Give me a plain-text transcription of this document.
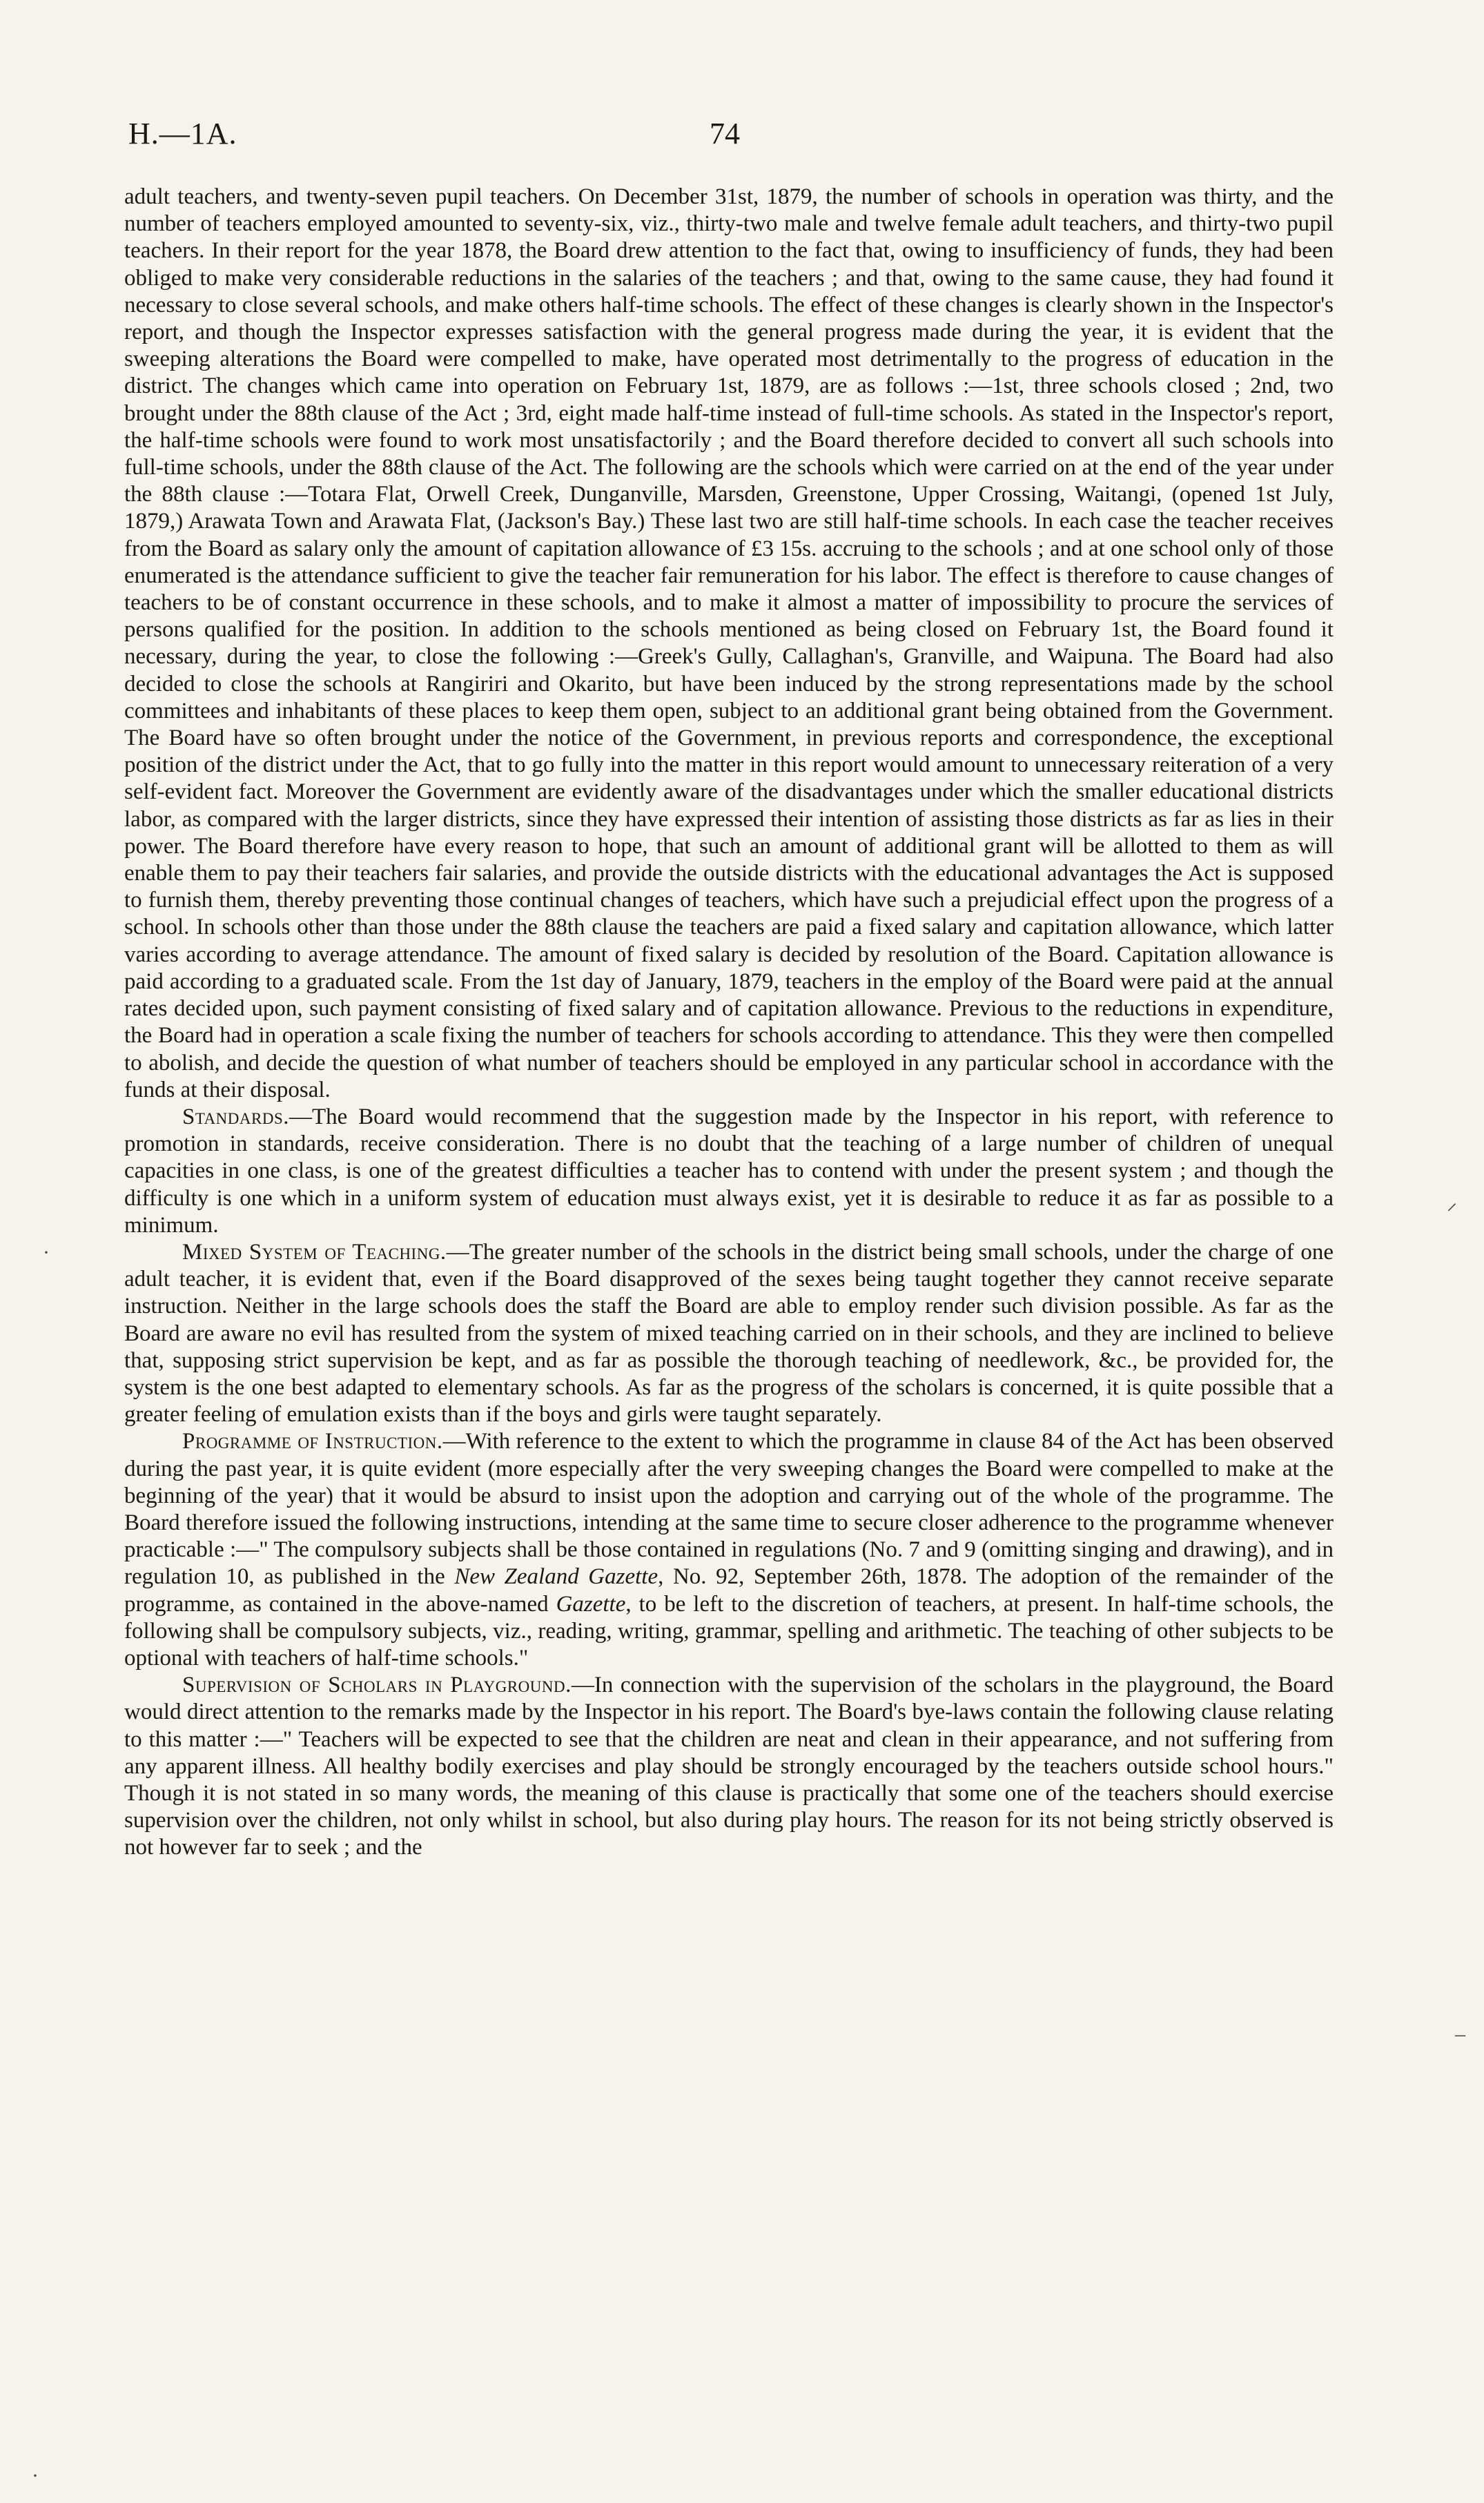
H.—1A.	74

adult teachers, and twenty-seven pupil teachers. On December 31st, 1879, the number of schools in operation was thirty, and the number of teachers employed amounted to seventy-six, viz., thirty-two male and twelve female adult teachers, and thirty-two pupil teachers. In their report for the year 1878, the Board drew attention to the fact that, owing to insufficiency of funds, they had been obliged to make very considerable reductions in the salaries of the teachers ; and that, owing to the same cause, they had found it necessary to close several schools, and make others half-time schools. The effect of these changes is clearly shown in the Inspector's report, and though the Inspector expresses satisfaction with the general progress made during the year, it is evident that the sweeping alterations the Board were compelled to make, have operated most detrimentally to the progress of education in the district. The changes which came into operation on February 1st, 1879, are as follows :—1st, three schools closed ; 2nd, two brought under the 88th clause of the Act ; 3rd, eight made half-time instead of full-time schools. As stated in the Inspector's report, the half-time schools were found to work most unsatisfactorily ; and the Board therefore decided to convert all such schools into full-time schools, under the 88th clause of the Act. The following are the schools which were carried on at the end of the year under the 88th clause :—Totara Flat, Orwell Creek, Dunganville, Marsden, Greenstone, Upper Crossing, Waitangi, (opened 1st July, 1879,) Arawata Town and Arawata Flat, (Jackson's Bay.) These last two are still half-time schools. In each case the teacher receives from the Board as salary only the amount of capitation allowance of £3 15s. accruing to the schools ; and at one school only of those enumerated is the attendance sufficient to give the teacher fair remuneration for his labor. The effect is therefore to cause changes of teachers to be of constant occurrence in these schools, and to make it almost a matter of impossibility to procure the services of persons qualified for the position. In addition to the schools mentioned as being closed on February 1st, the Board found it necessary, during the year, to close the following :—Greek's Gully, Callaghan's, Granville, and Waipuna. The Board had also decided to close the schools at Rangiriri and Okarito, but have been induced by the strong representations made by the school committees and inhabitants of these places to keep them open, subject to an additional grant being obtained from the Government. The Board have so often brought under the notice of the Government, in previous reports and correspondence, the exceptional position of the district under the Act, that to go fully into the matter in this report would amount to unnecessary reiteration of a very self-evident fact. Moreover the Government are evidently aware of the disadvantages under which the smaller educational districts labor, as compared with the larger districts, since they have expressed their intention of assisting those districts as far as lies in their power. The Board therefore have every reason to hope, that such an amount of additional grant will be allotted to them as will enable them to pay their teachers fair salaries, and provide the outside districts with the educational advantages the Act is supposed to furnish them, thereby preventing those continual changes of teachers, which have such a prejudicial effect upon the progress of a school. In schools other than those under the 88th clause the teachers are paid a fixed salary and capitation allowance, which latter varies according to average attendance. The amount of fixed salary is decided by resolution of the Board. Capitation allowance is paid according to a graduated scale. From the 1st day of January, 1879, teachers in the employ of the Board were paid at the annual rates decided upon, such payment consisting of fixed salary and of capitation allowance. Previous to the reductions in expenditure, the Board had in operation a scale fixing the number of teachers for schools according to attendance. This they were then compelled to abolish, and decide the question of what number of teachers should be employed in any particular school in accordance with the funds at their disposal.

Standards.—The Board would recommend that the suggestion made by the Inspector in his report, with reference to promotion in standards, receive consideration. There is no doubt that the teaching of a large number of children of unequal capacities in one class, is one of the greatest difficulties a teacher has to contend with under the present system ; and though the difficulty is one which in a uniform system of education must always exist, yet it is desirable to reduce it as far as possible to a minimum.

Mixed System of Teaching.—The greater number of the schools in the district being small schools, under the charge of one adult teacher, it is evident that, even if the Board disapproved of the sexes being taught together they cannot receive separate instruction. Neither in the large schools does the staff the Board are able to employ render such division possible. As far as the Board are aware no evil has resulted from the system of mixed teaching carried on in their schools, and they are inclined to believe that, supposing strict supervision be kept, and as far as possible the thorough teaching of needlework, &c., be provided for, the system is the one best adapted to elementary schools. As far as the progress of the scholars is concerned, it is quite possible that a greater feeling of emulation exists than if the boys and girls were taught separately.

Programme of Instruction.—With reference to the extent to which the programme in clause 84 of the Act has been observed during the past year, it is quite evident (more especially after the very sweeping changes the Board were compelled to make at the beginning of the year) that it would be absurd to insist upon the adoption and carrying out of the whole of the programme. The Board therefore issued the following instructions, intending at the same time to secure closer adherence to the programme whenever practicable :—" The compulsory subjects shall be those contained in regulations (No. 7 and 9 (omitting singing and drawing), and in regulation 10, as published in the New Zealand Gazette, No. 92, September 26th, 1878. The adoption of the remainder of the programme, as contained in the above-named Gazette, to be left to the discretion of teachers, at present. In half-time schools, the following shall be compulsory subjects, viz., reading, writing, grammar, spelling and arithmetic. The teaching of other subjects to be optional with teachers of half-time schools."

Supervision of Scholars in Playground.—In connection with the supervision of the scholars in the playground, the Board would direct attention to the remarks made by the Inspector in his report. The Board's bye-laws contain the following clause relating to this matter :—" Teachers will be expected to see that the children are neat and clean in their appearance, and not suffering from any apparent illness. All healthy bodily exercises and play should be strongly encouraged by the teachers outside school hours." Though it is not stated in so many words, the meaning of this clause is practically that some one of the teachers should exercise supervision over the children, not only whilst in school, but also during play hours. The reason for its not being strictly observed is not however far to seek ; and the

⸝
·
–
·
